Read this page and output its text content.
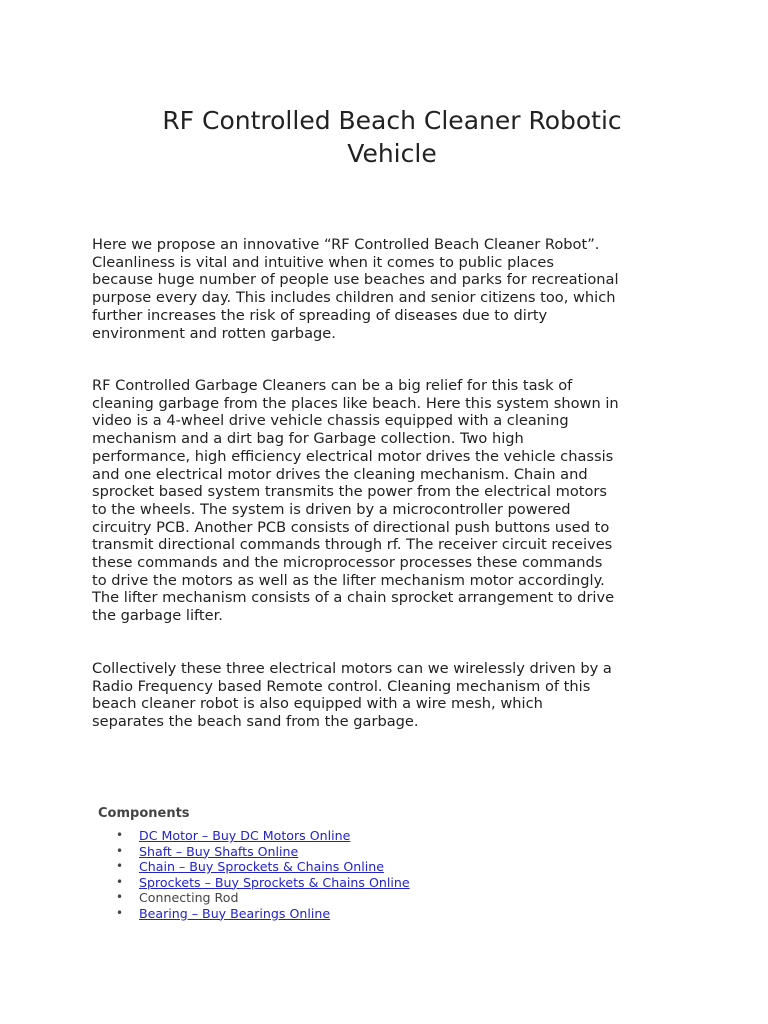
RF Controlled Beach Cleaner Robotic
Vehicle

Here we propose an innovative “RF Controlled Beach Cleaner Robot”.
Cleanliness is vital and intuitive when it comes to public places
because huge number of people use beaches and parks for recreational
purpose every day. This includes children and senior citizens too, which
further increases the risk of spreading of diseases due to dirty
environment and rotten garbage.

RF Controlled Garbage Cleaners can be a big relief for this task of
cleaning garbage from the places like beach. Here this system shown in
video is a 4-wheel drive vehicle chassis equipped with a cleaning
mechanism and a dirt bag for Garbage collection. Two high
performance, high efficiency electrical motor drives the vehicle chassis
and one electrical motor drives the cleaning mechanism. Chain and
sprocket based system transmits the power from the electrical motors
to the wheels. The system is driven by a microcontroller powered
circuitry PCB. Another PCB consists of directional push buttons used to
transmit directional commands through rf. The receiver circuit receives
these commands and the microprocessor processes these commands
to drive the motors as well as the lifter mechanism motor accordingly.
The lifter mechanism consists of a chain sprocket arrangement to drive
the garbage lifter.

Collectively these three electrical motors can we wirelessly driven by a
Radio Frequency based Remote control. Cleaning mechanism of this
beach cleaner robot is also equipped with a wire mesh, which
separates the beach sand from the garbage.

Components
• DC Motor – Buy DC Motors Online
• Shaft – Buy Shafts Online
• Chain – Buy Sprockets & Chains Online
• Sprockets – Buy Sprockets & Chains Online
• Connecting Rod
• Bearing – Buy Bearings Online
